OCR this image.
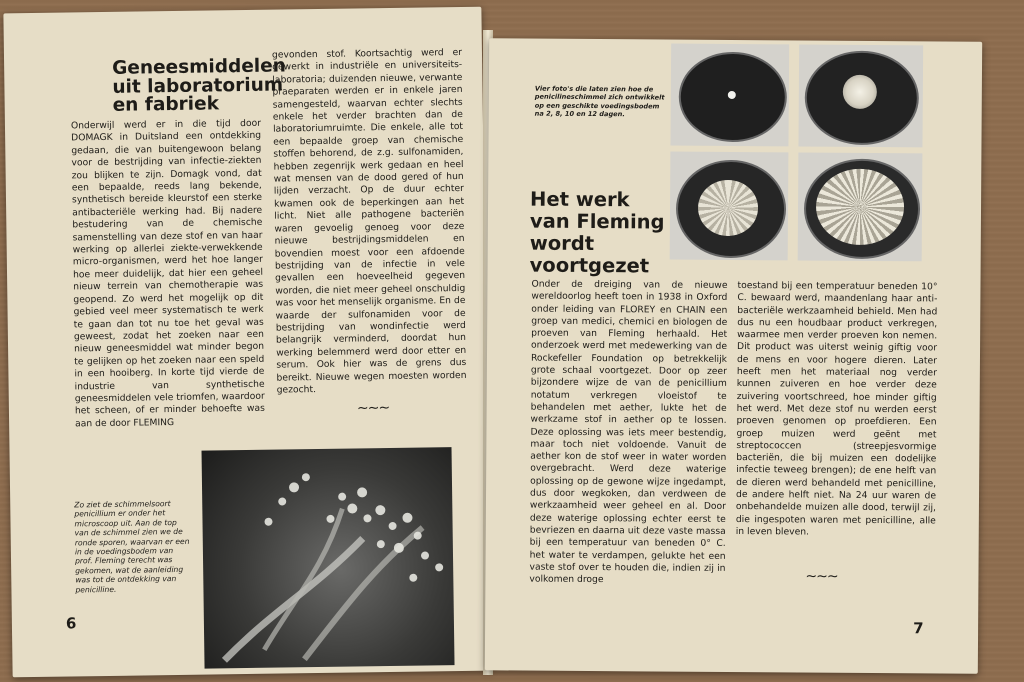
Geneesmiddelen
uit laboratorium
en fabriek

Onderwijl werd er in die tijd door DOMAGK in Duitsland een ontdekking gedaan, die van buitengewoon belang voor de bestrijding van infectie-ziekten zou blijken te zijn. Domagk vond, dat een bepaalde, reeds lang bekende, synthetisch bereide kleurstof een sterke antibacteriële werking had. Bij nadere bestudering van de chemische samenstelling van deze stof en van haar werking op allerlei ziekte-verwekkende micro-organismen, werd het hoe langer hoe meer duidelijk, dat hier een geheel nieuw terrein van chemotherapie was geopend. Zo werd het mogelijk op dit gebied veel meer systematisch te werk te gaan dan tot nu toe het geval was geweest, zodat het zoeken naar een nieuw geneesmiddel wat minder begon te gelijken op het zoeken naar een speld in een hooiberg. In korte tijd vierde de industrie van synthetische geneesmiddelen vele triomfen, waardoor het scheen, of er minder behoefte was aan de door FLEMING

gevonden stof. Koortsachtig werd er gewerkt in industriële en universiteits-laboratoria; duizenden nieuwe, verwante praeparaten werden er in enkele jaren samengesteld, waarvan echter slechts enkele het verder brachten dan de laboratoriumruimte. Die enkele, alle tot een bepaalde groep van chemische stoffen behorend, de z.g. sulfonamiden, hebben zegenrijk werk gedaan en heel wat mensen van de dood gered of hun lijden verzacht. Op de duur echter kwamen ook de beperkingen aan het licht. Niet alle pathogene bacteriën waren gevoelig genoeg voor deze nieuwe bestrijdingsmiddelen en bovendien moest voor een afdoende bestrijding van de infectie in vele gevallen een hoeveelheid gegeven worden, die niet meer geheel onschuldig was voor het menselijk organisme. En de waarde der sulfonamiden voor de bestrijding van wondinfectie werd belangrijk verminderd, doordat hun werking belemmerd werd door etter en serum. Ook hier was de grens dus bereikt. Nieuwe wegen moesten worden gezocht.

~~~

Zo ziet de schimmelsoort penicillium er onder het microscoop uit. Aan de top van de schimmel zien we de ronde sporen, waarvan er een in de voedingsbodem van prof. Fleming terecht was gekomen, wat de aanleiding was tot de ontdekking van penicilline.

6

Vier foto's die laten zien hoe de penicilineschimmel zich ontwikkelt op een geschikte voedingsbodem na 2, 8, 10 en 12 dagen.

Het werk
van Fleming
wordt
voortgezet

Onder de dreiging van de nieuwe wereldoorlog heeft toen in 1938 in Oxford onder leiding van FLOREY en CHAIN een groep van medici, chemici en biologen de proeven van Fleming herhaald. Het onderzoek werd met medewerking van de Rockefeller Foundation op betrekkelijk grote schaal voortgezet. Door op zeer bijzondere wijze de van de penicillium notatum verkregen vloeistof te behandelen met aether, lukte het de werkzame stof in aether op te lossen. Deze oplossing was iets meer bestendig, maar toch niet voldoende. Vanuit de aether kon de stof weer in water worden overgebracht. Werd deze waterige oplossing op de gewone wijze ingedampt, dus door wegkoken, dan verdween de werkzaamheid weer geheel en al. Door deze waterige oplossing echter eerst te bevriezen en daarna uit deze vaste massa bij een temperatuur van beneden 0° C. het water te verdampen, gelukte het een vaste stof over te houden die, indien zij in volkomen droge

toestand bij een temperatuur beneden 10° C. bewaard werd, maandenlang haar anti-bacteriële werkzaamheid behield. Men had dus nu een houdbaar product verkregen, waarmee men verder proeven kon nemen. Dit product was uiterst weinig giftig voor de mens en voor hogere dieren. Later heeft men het materiaal nog verder kunnen zuiveren en hoe verder deze zuivering voortschreed, hoe minder giftig het werd. Met deze stof nu werden eerst proeven genomen op proefdieren. Een groep muizen werd geënt met streptococcen (streepjesvormige bacteriën, die bij muizen een dodelijke infectie teweeg brengen); de ene helft van de dieren werd behandeld met penicilline, de andere helft niet. Na 24 uur waren de onbehandelde muizen alle dood, terwijl zij, die ingespoten waren met penicilline, alle in leven bleven.

~~~
7
